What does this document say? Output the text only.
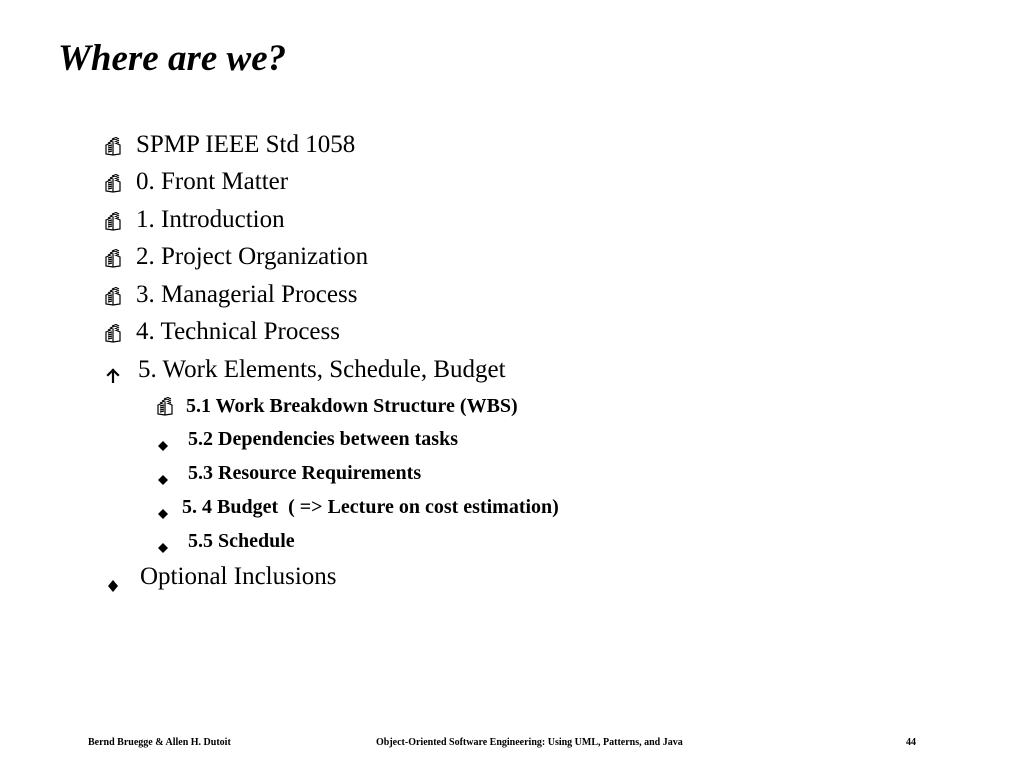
Where are we?
SPMP IEEE Std 1058
0. Front Matter
1. Introduction
2. Project Organization
3. Managerial Process
4. Technical Process
5. Work Elements, Schedule, Budget
5.1 Work Breakdown Structure (WBS)
5.2 Dependencies between tasks
5.3 Resource Requirements
5. 4 Budget  ( => Lecture on cost estimation)
5.5 Schedule
Optional Inclusions
Bernd Bruegge & Allen H. Dutoit	Object-Oriented Software Engineering: Using UML, Patterns, and Java	44
